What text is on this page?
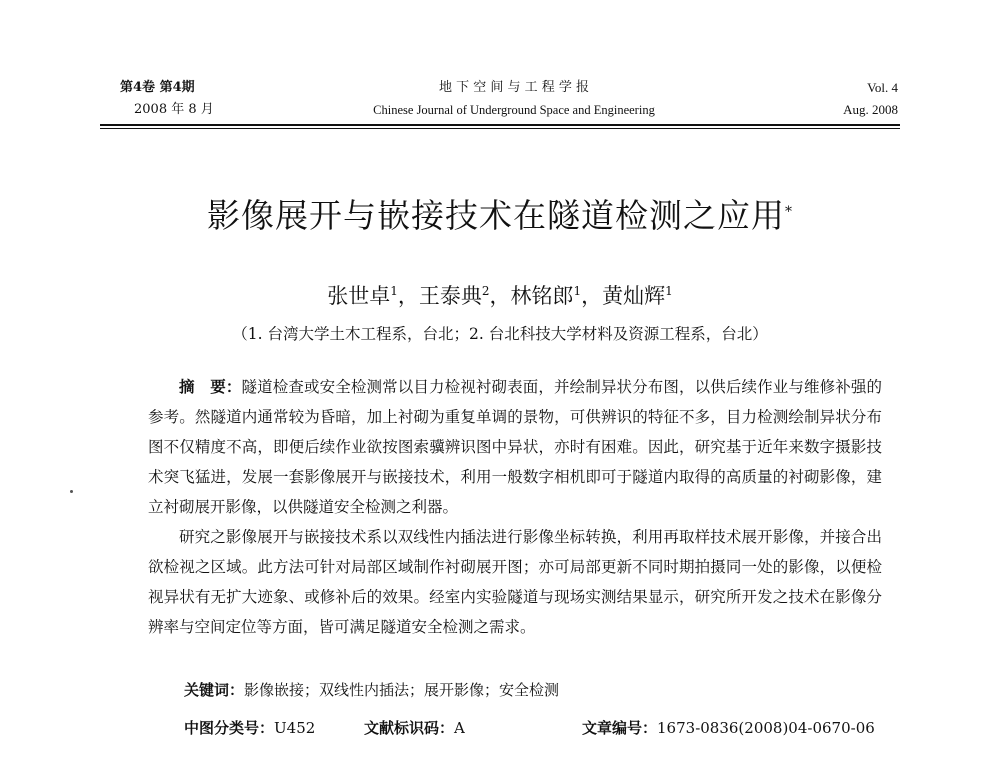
第4卷 第4期
2008 年 8 月
地 下 空 间 与 工 程 学 报
Chinese Journal of Underground Space and Engineering
Vol. 4
Aug. 2008
影像展开与嵌接技术在隧道检测之应用*
张世卓$^1$，王泰典$^2$，林铭郎$^1$，黄灿辉$^1$
（1. 台湾大学土木工程系，台北；2. 台北科技大学材料及资源工程系，台北）

摘　要：隧道检查或安全检测常以目力检视衬砌表面，并绘制异状分布图，以供后续作业与维修补强的参考。然隧道内通常较为昏暗，加上衬砌为重复单调的景物，可供辨识的特征不多，目力检测绘制异状分布图不仅精度不高，即便后续作业欲按图索骥辨识图中异状，亦时有困难。因此，研究基于近年来数字摄影技术突飞猛进，发展一套影像展开与嵌接技术，利用一般数字相机即可于隧道内取得的高质量的衬砌影像，建立衬砌展开影像，以供隧道安全检测之利器。

研究之影像展开与嵌接技术系以双线性内插法进行影像坐标转换，利用再取样技术展开影像，并接合出欲检视之区域。此方法可针对局部区域制作衬砌展开图；亦可局部更新不同时期拍摄同一处的影像，以便检视异状有无扩大迹象、或修补后的效果。经室内实验隧道与现场实测结果显示，研究所开发之技术在影像分辨率与空间定位等方面，皆可满足隧道安全检测之需求。

关键词：影像嵌接；双线性内插法；展开影像；安全检测
中图分类号：U452	文献标识码：A	文章编号：1673-0836(2008)04-0670-06
